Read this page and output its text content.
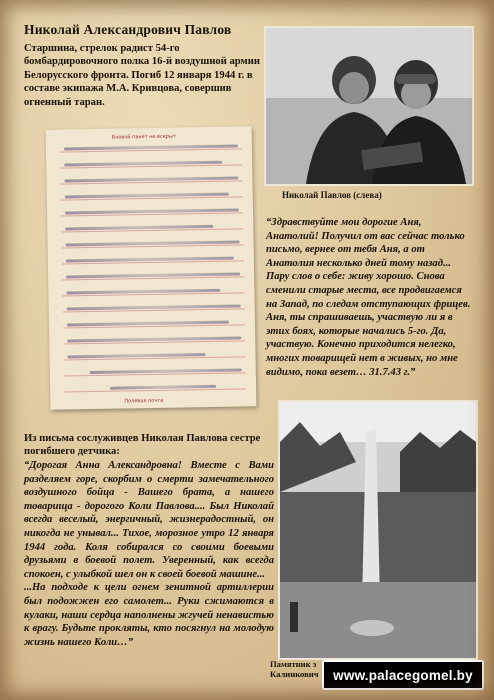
Николай Александрович Павлов
Старшина, стрелок радист 54-го бомбардировочного полка 16-й воздушной армии Белорусского фронта. Погиб 12 января 1944 г. в составе экипажа М.А. Кривцова, совершив огненный таран.
Николай Павлов (слева)
Боевой пакет не вскрыт
Полевая почта
“Здравствуйте мои дорогие Аня, Анатолий! Получил от вас сейчас только письмо, вернее от тебя Аня, а от Анатолия несколько дней тому назад... Пару слов о себе: живу хорошо. Снова сменили старые места, все продвигаемся на Запад, по следам отступающих фрицев. Аня, ты спрашиваешь, участвую ли я в этих боях, которые начались 5-го. Да, участвую. Конечно приходится нелегко, многих товарищей нет в живых, но мне видимо, пока везет… 31.7.43 г.”
Из письма сослуживцев Николая Павлова сестре погибшего детчика:
“Дорогая Анна Александровна! Вместе с Вами разделяем горе, скорбим о смерти замечательного воздушного бойца - Вашего брата, а нашего товарища - дорогого Коли Павлова.... Был Николай всегда веселый, энергичный, жизнерадостный, он никогда не унывал... Тихое, морозное утро 12 января 1944 года. Коля собирался со своими боевыми друзьями в боевой полет. Уверенный, как всегда спокоен, с улыбкой шел он к своей боевой машине...
...На подходе к цели огнем зенитной артиллерии был подожжен его самолет... Руки сжимаются в кулаки, наши сердца наполнены жгучей ненавистью к врагу. Будьте прокляты, кто посягнул на молодую жизнь нашего Коли…”
Памятник э
Калинкович www.palacegomel.by
